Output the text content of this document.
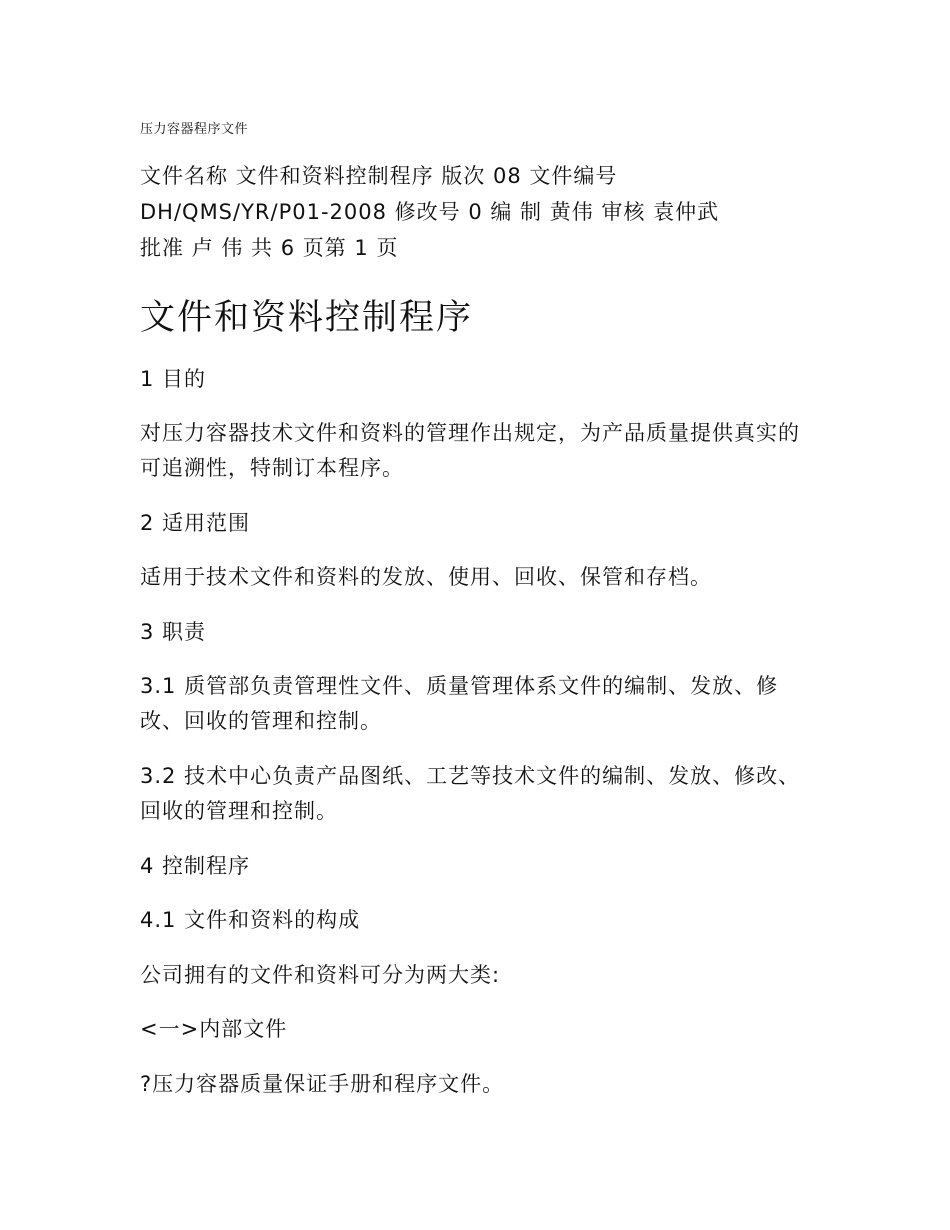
压力容器程序文件

文件名称 文件和资料控制程序 版次 08 文件编号

DH/QMS/YR/P01-2008 修改号 0 编 制 黄伟 审核 袁仲武

批准 卢 伟 共 6 页第 1 页

文件和资料控制程序

1 目的

对压力容器技术文件和资料的管理作出规定，为产品质量提供真实的可追溯性，特制订本程序。

2 适用范围

适用于技术文件和资料的发放、使用、回收、保管和存档。

3 职责

3.1 质管部负责管理性文件、质量管理体系文件的编制、发放、修改、回收的管理和控制。

3.2 技术中心负责产品图纸、工艺等技术文件的编制、发放、修改、回收的管理和控制。

4 控制程序

4.1 文件和资料的构成

公司拥有的文件和资料可分为两大类:

<一>内部文件

?压力容器质量保证手册和程序文件。
